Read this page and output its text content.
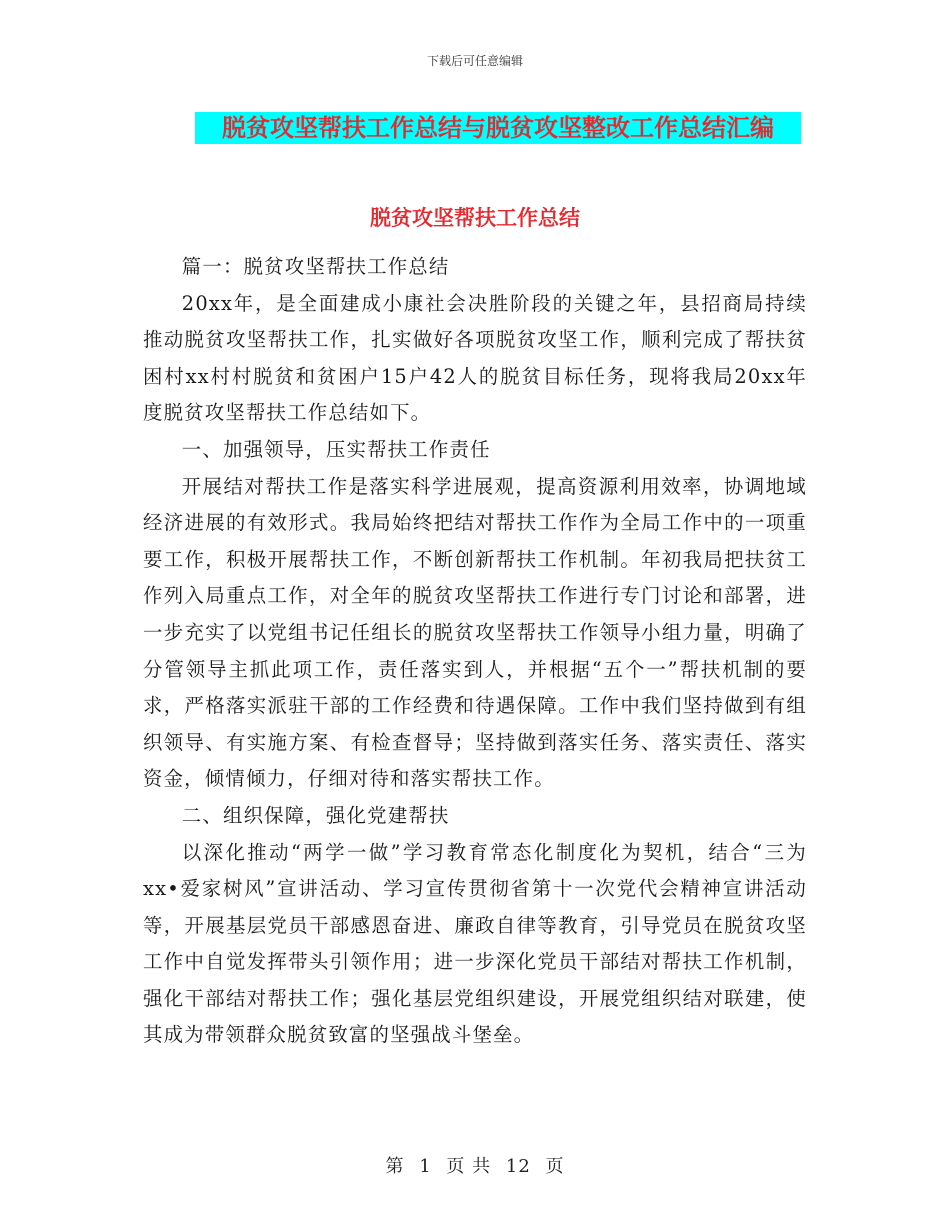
下载后可任意编辑
脱贫攻坚帮扶工作总结与脱贫攻坚整改工作总结汇编
脱贫攻坚帮扶工作总结

篇一：脱贫攻坚帮扶工作总结

20xx年，是全面建成小康社会决胜阶段的关键之年，县招商局持续推动脱贫攻坚帮扶工作，扎实做好各项脱贫攻坚工作，顺利完成了帮扶贫困村xx村村脱贫和贫困户15户42人的脱贫目标任务，现将我局20xx年度脱贫攻坚帮扶工作总结如下。

一、加强领导，压实帮扶工作责任

开展结对帮扶工作是落实科学进展观，提高资源利用效率，协调地域经济进展的有效形式。我局始终把结对帮扶工作作为全局工作中的一项重要工作，积极开展帮扶工作，不断创新帮扶工作机制。年初我局把扶贫工作列入局重点工作，对全年的脱贫攻坚帮扶工作进行专门讨论和部署，进一步充实了以党组书记任组长的脱贫攻坚帮扶工作领导小组力量，明确了分管领导主抓此项工作，责任落实到人，并根据“五个一”帮扶机制的要求，严格落实派驻干部的工作经费和待遇保障。工作中我们坚持做到有组织领导、有实施方案、有检查督导；坚持做到落实任务、落实责任、落实资金，倾情倾力，仔细对待和落实帮扶工作。

二、组织保障，强化党建帮扶

以深化推动“两学一做”学习教育常态化制度化为契机，结合“三为xx•爱家树风”宣讲活动、学习宣传贯彻省第十一次党代会精神宣讲活动等，开展基层党员干部感恩奋进、廉政自律等教育，引导党员在脱贫攻坚工作中自觉发挥带头引领作用；进一步深化党员干部结对帮扶工作机制，强化干部结对帮扶工作；强化基层党组织建设，开展党组织结对联建，使其成为带领群众脱贫致富的坚强战斗堡垒。

第 1 页 共 12 页
